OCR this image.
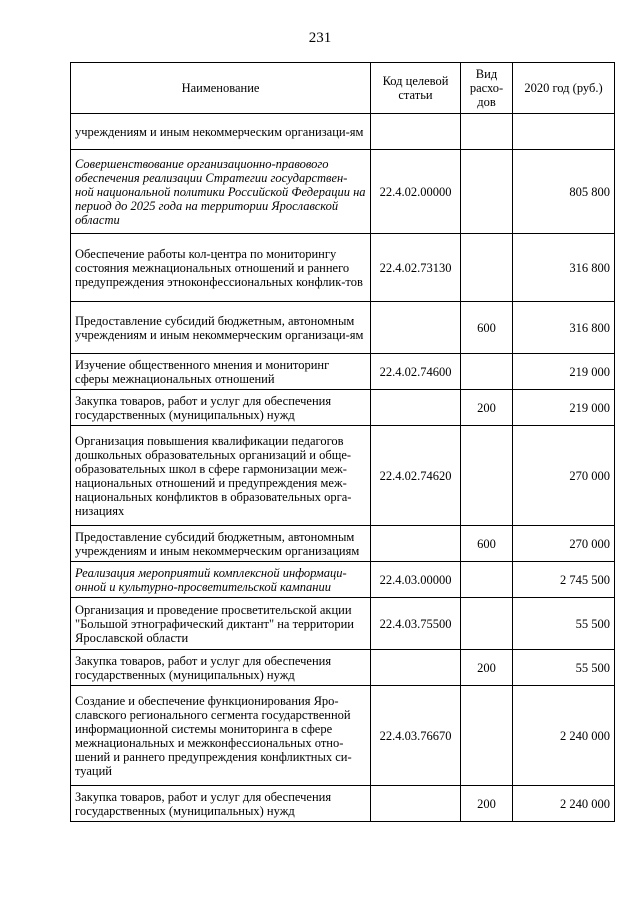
231
Наименование	Код целевой статьи	Вид расхо-дов	2020 год (руб.)
учреждениям и иным некоммерческим организаци-ям			
Совершенствование организационно-правового обеспечения реализации Стратегии государствен-ной национальной политики Российской Федерации на период до 2025 года на территории Ярославской области	22.4.02.00000		805 800
Обеспечение работы кол-центра по мониторингу состояния межнациональных отношений и раннего предупреждения этноконфессиональных конфлик-тов	22.4.02.73130		316 800
Предоставление субсидий бюджетным, автономным учреждениям и иным некоммерческим организаци-ям		600	316 800
Изучение общественного мнения и мониторинг сферы межнациональных отношений	22.4.02.74600		219 000
Закупка товаров, работ и услуг для обеспечения государственных (муниципальных) нужд		200	219 000
Организация повышения квалификации педагогов дошкольных образовательных организаций и обще-образовательных школ в сфере гармонизации меж-национальных отношений и предупреждения меж-национальных конфликтов в образовательных орга-низациях	22.4.02.74620		270 000
Предоставление субсидий бюджетным, автономным учреждениям и иным некоммерческим организациям		600	270 000
Реализация мероприятий комплексной информаци-онной и культурно-просветительской кампании	22.4.03.00000		2 745 500
Организация и проведение просветительской акции "Большой этнографический диктант" на территории Ярославской области	22.4.03.75500		55 500
Закупка товаров, работ и услуг для обеспечения государственных (муниципальных) нужд		200	55 500
Создание и обеспечение функционирования Яро-славского регионального сегмента государственной информационной системы мониторинга в сфере межнациональных и межконфессиональных отно-шений и раннего предупреждения конфликтных си-туаций	22.4.03.76670		2 240 000
Закупка товаров, работ и услуг для обеспечения государственных (муниципальных) нужд		200	2 240 000
